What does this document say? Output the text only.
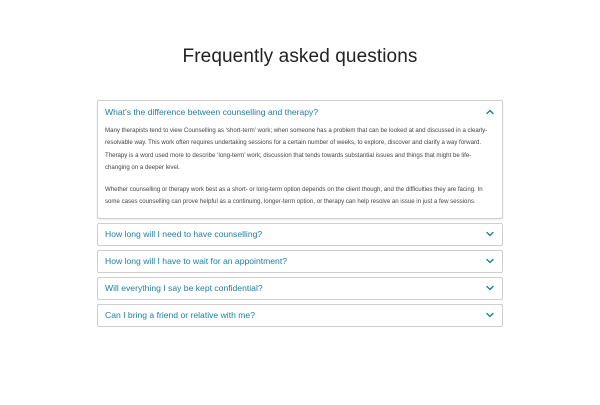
Frequently asked questions
What's the difference between counselling and therapy?

Many therapists tend to view Counselling as ‘short-term’ work; when someone has a problem that can be looked at and discussed in a clearly-resolvable way. This work often requires undertaking sessions for a certain number of weeks, to explore, discover and clarify a way forward. Therapy is a word used more to describe ‘long-term’ work; discussion that tends towards substantial issues and things that might be life-changing on a deeper level.

Whether counselling or therapy work best as a short- or long-term option depends on the client though, and the difficulties they are facing. In some cases counselling can prove helpful as a continuing, longer-term option, or therapy can help resolve an issue in just a few sessions.

How long will I need to have counselling?
How long will I have to wait for an appointment?
Will everything I say be kept confidential?
Can I bring a friend or relative with me?
